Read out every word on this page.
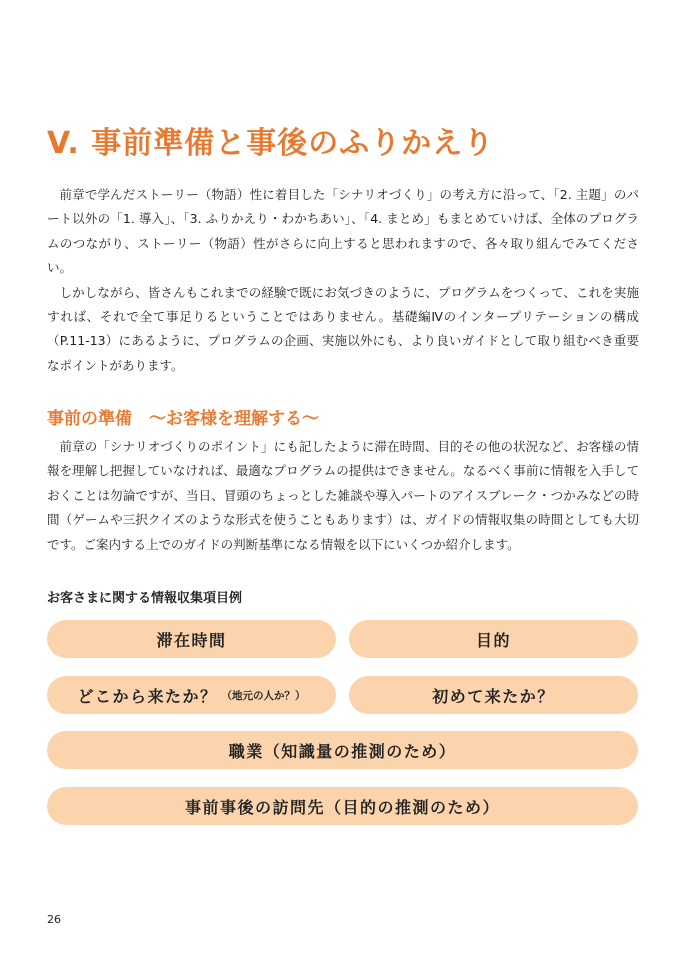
V. 事前準備と事後のふりかえり

前章で学んだストーリー（物語）性に着目した「シナリオづくり」の考え方に沿って、「2. 主題」のパート以外の「1. 導入」、「3. ふりかえり・わかちあい」、「4. まとめ」もまとめていけば、全体のプログラムのつながり、ストーリー（物語）性がさらに向上すると思われますので、各々取り組んでみてください。

しかしながら、皆さんもこれまでの経験で既にお気づきのように、プログラムをつくって、これを実施すれば、それで全て事足りるということではありません。基礎編Ⅳのインタープリテーションの構成（P.11-13）にあるように、プログラムの企画、実施以外にも、より良いガイドとして取り組むべき重要なポイントがあります。

事前の準備　～お客様を理解する～

前章の「シナリオづくりのポイント」にも記したように滞在時間、目的その他の状況など、お客様の情報を理解し把握していなければ、最適なプログラムの提供はできません。なるべく事前に情報を入手しておくことは勿論ですが、当日、冒頭のちょっとした雑談や導入パートのアイスブレーク・つかみなどの時間（ゲームや三択クイズのような形式を使うこともあります）は、ガイドの情報収集の時間としても大切です。ご案内する上でのガイドの判断基準になる情報を以下にいくつか紹介します。

お客さまに関する情報収集項目例
滞在時間	目的
どこから来たか？ （地元の人か？）	初めて来たか？
職業（知識量の推測のため）
事前事後の訪問先（目的の推測のため）
26
